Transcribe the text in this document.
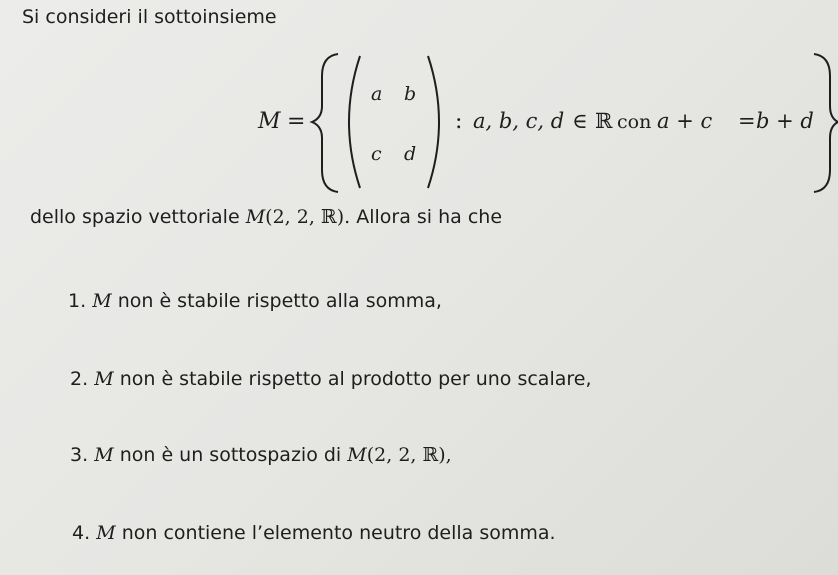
Si consideri il sottoinsieme
M =
a b
c d
: a, b, c, d ∈ ℝ con a + c = b + d
dello spazio vettoriale M(2, 2, ℝ). Allora si ha che
1. M non è stabile rispetto alla somma,
2. M non è stabile rispetto al prodotto per uno scalare,
3. M non è un sottospazio di M(2, 2, ℝ),
4. M non contiene l’elemento neutro della somma.
